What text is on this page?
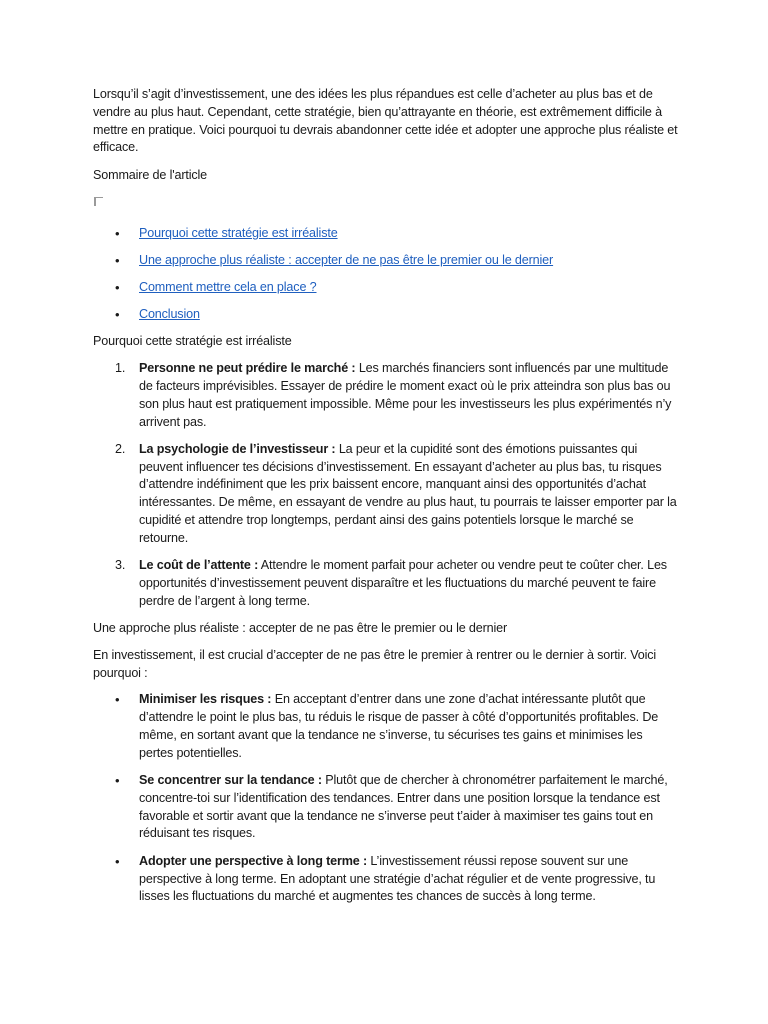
Lorsqu’il s’agit d’investissement, une des idées les plus répandues est celle d’acheter au plus bas et de vendre au plus haut. Cependant, cette stratégie, bien qu’attrayante en théorie, est extrêmement difficile à mettre en pratique. Voici pourquoi tu devrais abandonner cette idée et adopter une approche plus réaliste et efficace.

Sommaire de l'article

• Pourquoi cette stratégie est irréaliste
• Une approche plus réaliste : accepter de ne pas être le premier ou le dernier
• Comment mettre cela en place ?
• Conclusion

Pourquoi cette stratégie est irréaliste

1. Personne ne peut prédire le marché : Les marchés financiers sont influencés par une multitude de facteurs imprévisibles. Essayer de prédire le moment exact où le prix atteindra son plus bas ou son plus haut est pratiquement impossible. Même pour les investisseurs les plus expérimentés n’y arrivent pas.
2. La psychologie de l’investisseur : La peur et la cupidité sont des émotions puissantes qui peuvent influencer tes décisions d’investissement. En essayant d’acheter au plus bas, tu risques d’attendre indéfiniment que les prix baissent encore, manquant ainsi des opportunités d’achat intéressantes. De même, en essayant de vendre au plus haut, tu pourrais te laisser emporter par la cupidité et attendre trop longtemps, perdant ainsi des gains potentiels lorsque le marché se retourne.
3. Le coût de l’attente : Attendre le moment parfait pour acheter ou vendre peut te coûter cher. Les opportunités d’investissement peuvent disparaître et les fluctuations du marché peuvent te faire perdre de l’argent à long terme.

Une approche plus réaliste : accepter de ne pas être le premier ou le dernier

En investissement, il est crucial d’accepter de ne pas être le premier à rentrer ou le dernier à sortir. Voici pourquoi :

• Minimiser les risques : En acceptant d’entrer dans une zone d’achat intéressante plutôt que d’attendre le point le plus bas, tu réduis le risque de passer à côté d’opportunités profitables. De même, en sortant avant que la tendance ne s’inverse, tu sécurises tes gains et minimises les pertes potentielles.
• Se concentrer sur la tendance : Plutôt que de chercher à chronométrer parfaitement le marché, concentre-toi sur l’identification des tendances. Entrer dans une position lorsque la tendance est favorable et sortir avant que la tendance ne s’inverse peut t’aider à maximiser tes gains tout en réduisant tes risques.
• Adopter une perspective à long terme : L’investissement réussi repose souvent sur une perspective à long terme. En adoptant une stratégie d’achat régulier et de vente progressive, tu lisses les fluctuations du marché et augmentes tes chances de succès à long terme.
